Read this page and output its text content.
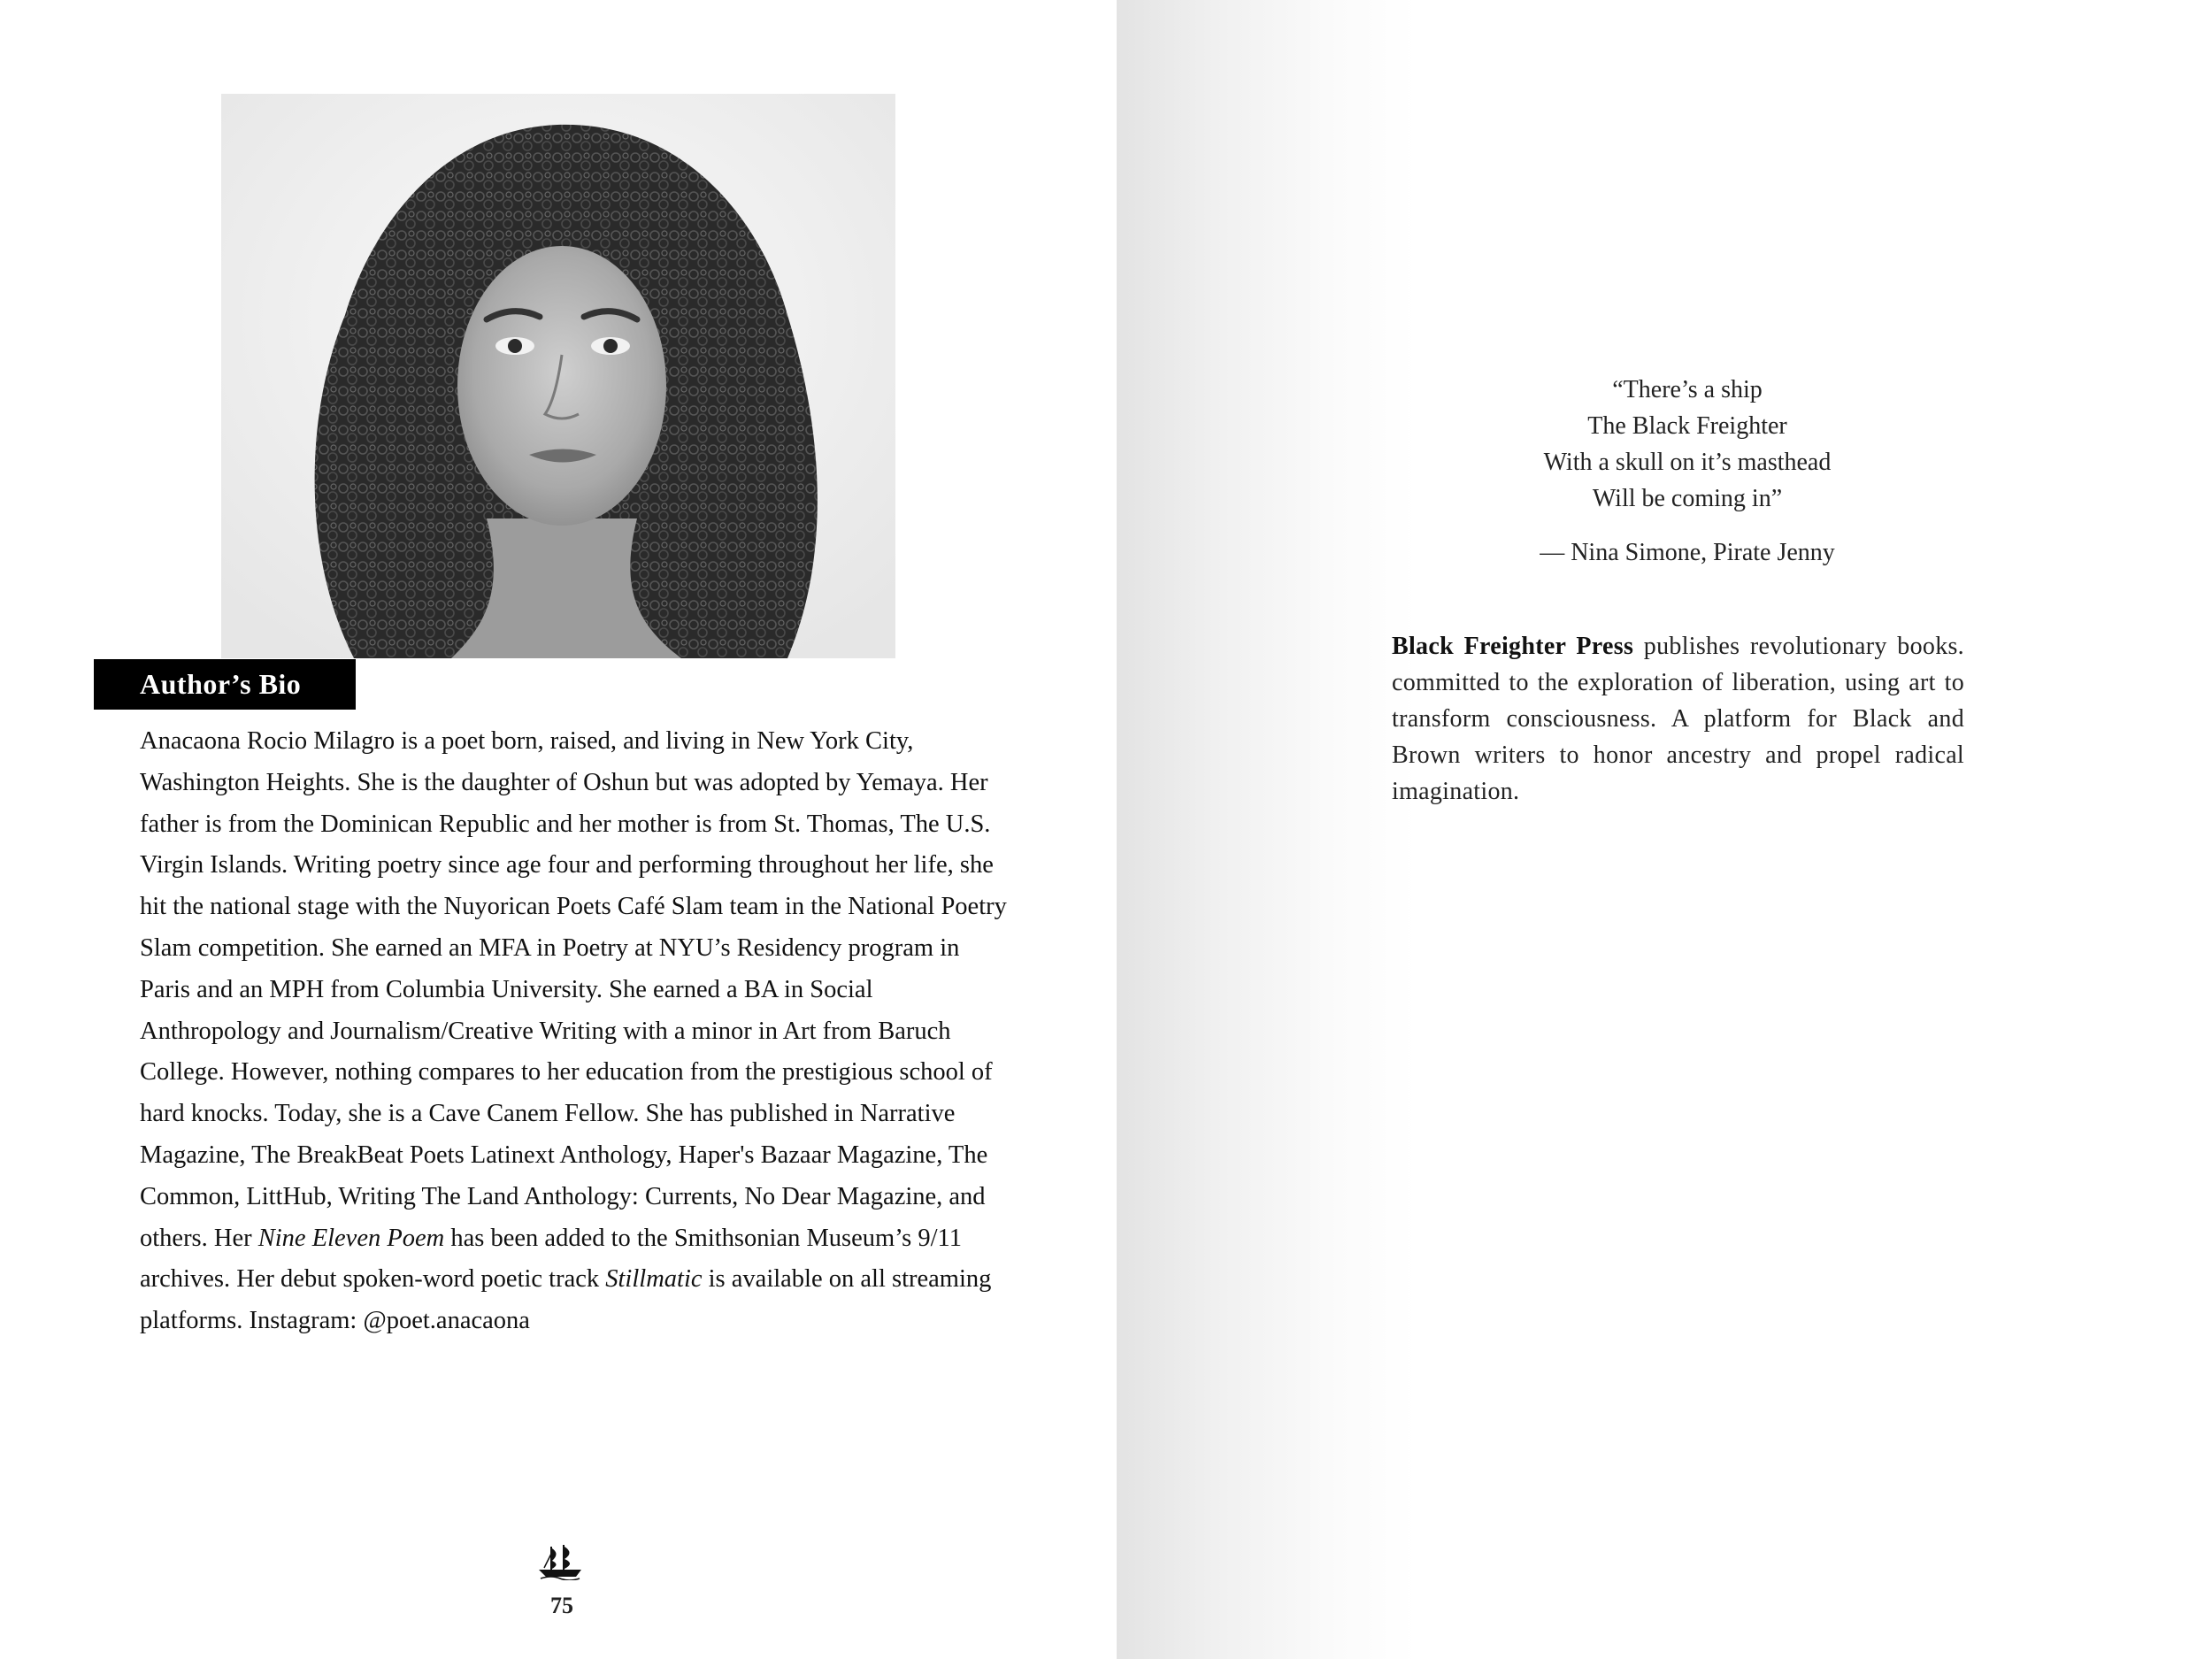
Author’s Bio

Anacaona Rocio Milagro is a poet born, raised, and living in New York City, Washington Heights. She is the daughter of Oshun but was adopted by Yemaya. Her father is from the Dominican Republic and her mother is from St. Thomas, The U.S. Virgin Islands. Writing poetry since age four and performing throughout her life, she hit the national stage with the Nuyorican Poets Café Slam team in the National Poetry Slam competition. She earned an MFA in Poetry at NYU’s Residency program in Paris and an MPH from Columbia University. She earned a BA in Social Anthropology and Journalism/Creative Writing with a minor in Art from Baruch College. However, nothing compares to her education from the prestigious school of hard knocks. Today, she is a Cave Canem Fellow. She has published in Narrative Magazine, The BreakBeat Poets Latinext Anthology, Haper's Bazaar Magazine, The Common, LittHub, Writing The Land Anthology: Currents, No Dear Magazine, and others. Her Nine Eleven Poem has been added to the Smithsonian Museum’s 9/11 archives. Her debut spoken-word poetic track Stillmatic is available on all streaming platforms. Instagram: @poet.anacaona

75
“There’s a ship
The Black Freighter
With a skull on it’s masthead
Will be coming in”
— Nina Simone, Pirate Jenny

Black Freighter Press publishes revolutionary books. committed to the exploration of liberation, using art to transform consciousness. A platform for Black and Brown writers to honor ancestry and propel radical imagination.
